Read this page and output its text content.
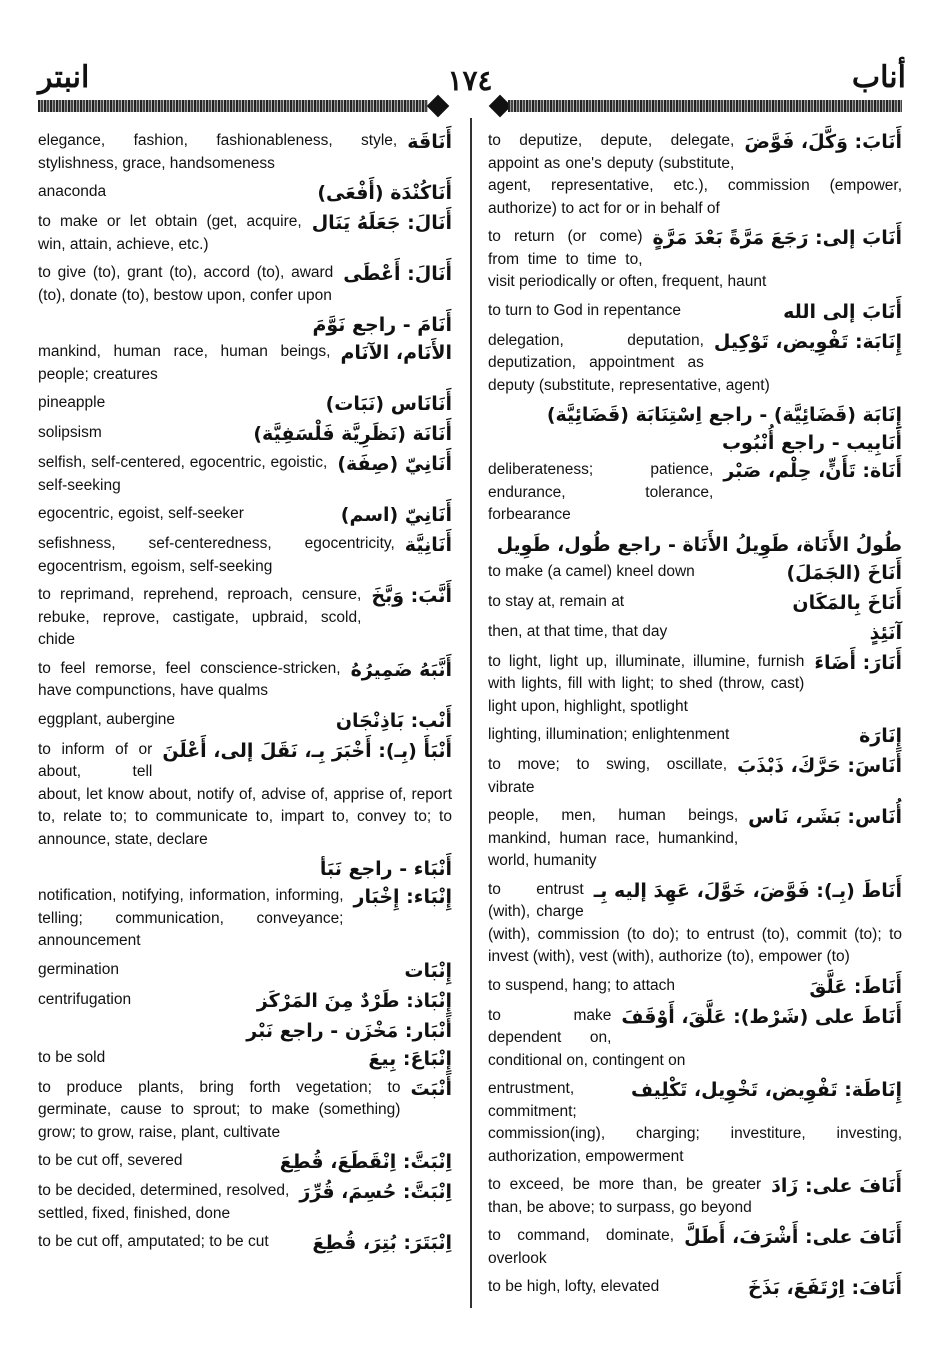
انبتر	١٧٤	أناب
أَنَاقَة
elegance, fashion, fashionableness, style, stylishness, grace, handsomeness
أَنَاكُنْدَة (أَفْعَى)
anaconda
أَنَالَ: جَعَلَهُ يَنَال
to make or let obtain (get, acquire, win, attain, achieve, etc.)
أَنَالَ: أَعْطَى
to give (to), grant (to), accord (to), award (to), donate (to), bestow upon, confer upon
أَنَامَ - راجع نَوَّمَ
الأَنَام، الآنَام
mankind, human race, human beings, people; creatures
أَنَانَاس (نَبَات)
pineapple
أَنَانَة (نَظَرِيَّة فَلْسَفِيَّة)
solipsism
أَنَانِيّ (صِفَة)
selfish, self-centered, egocentric, egoistic, self-seeking
أَنَانِيّ (اسم)
egocentric, egoist, self-seeker
أَنَانِيَّة
sefishness, sef-centeredness, egocentricity, egocentrism, egoism, self-seeking
أَنَّبَ: وَبَّخَ
to reprimand, reprehend, reproach, censure, rebuke, reprove, castigate, upbraid, scold, chide
أَنَّبَهُ ضَمِيرُهُ
to feel remorse, feel conscience-stricken, have compunctions, have qualms
أَنْب: بَاذِنْجَان
eggplant, aubergine
أَنْبَأَ (بِـ): أَخْبَرَ بِـ، نَقَلَ إلى، أَعْلَنَ
to inform of or about, tell about, let know about, notify of, advise of, apprise of, report to, relate to; to communicate to, impart to, convey to; to announce, state, declare
أَنْبَاء - راجع نَبَأ
إِنْبَاء: إِخْبَار
notification, notifying, information, informing, telling; communication, conveyance; announcement
إِنْبَات
germination
إِنْبَاذ: طَرْدٌ مِنَ المَرْكَز
centrifugation
أَنْبَار: مَخْزَن - راجع نَبْر
إِنْبَاعَ: بِيعَ
to be sold
أَنْبَتَ
to produce plants, bring forth vegetation; to germinate, cause to sprout; to make (something) grow; to grow, raise, plant, cultivate
اِنْبَتَّ: اِنْقَطَعَ، قُطِعَ
to be cut off, severed
اِنْبَتَّ: حُسِمَ، قُرِّرَ
to be decided, determined, resolved, settled, fixed, finished, done
اِنْبَتَرَ: بُتِرَ، قُطِعَ
to be cut off, amputated; to be cut
أَنَابَ: وَكَّلَ، فَوَّضَ
to deputize, depute, delegate, appoint as one's deputy (substitute, agent, representative, etc.), commission (empower, authorize) to act for or in behalf of
أَنَابَ إلى: رَجَعَ مَرَّةً بَعْدَ مَرَّةٍ
to return (or come) from time to time to, visit periodically or often, frequent, haunt
أَنَابَ إلى الله
to turn to God in repentance
إِنَابَة: تَفْوِيض، تَوْكِيل
delegation, deputation, deputization, appointment as deputy (substitute, representative, agent)
إِنَابَة (قَضَائِيَّة) - راجع اِسْتِنَابَة (قَضَائِيَّة)
أَنَابِيب - راجع أُنْبُوب
أَنَاة: تَأَنٍّ، حِلْم، صَبْر
deliberateness; patience, endurance, tolerance, forbearance
طُولُ الأَنَاة، طَوِيلُ الأَنَاة - راجع طُول، طَوِيل
أَنَاخَ (الجَمَلَ)
to make (a camel) kneel down
أَنَاخَ بِالمَكَان
to stay at, remain at
آنَئِذٍ
then, at that time, that day
أَنَارَ: أَضَاءَ
to light, light up, illuminate, illumine, furnish with lights, fill with light; to shed (throw, cast) light upon, highlight, spotlight
إِنَارَة
lighting, illumination; enlightenment
أَنَاسَ: حَرَّكَ، ذَبْذَبَ
to move; to swing, oscillate, vibrate
أُنَاس: بَشَر، نَاس
people, men, human beings, mankind, human race, humankind, world, humanity
أَنَاطَ (بِـ): فَوَّضَ، خَوَّلَ، عَهِدَ إليه بِـ
to entrust (with), charge (with), commission (to do); to entrust (to), commit (to); to invest (with), vest (with), authorize (to), empower (to)
أَنَاطَ: عَلَّقَ
to suspend, hang; to attach
أَنَاطَ على (شَرْط): عَلَّقَ، أَوْقَفَ
to make dependent on, conditional on, contingent on
إِنَاطَة: تَفْوِيض، تَخْوِيل، تَكْلِيف
entrustment, commitment; commission(ing), charging; investiture, investing, authorization, empowerment
أَنَافَ على: زَادَ
to exceed, be more than, be greater than, be above; to surpass, go beyond
أَنَافَ على: أَشْرَفَ، أَطَلَّ
to command, dominate, overlook
أَنَافَ: اِرْتَفَعَ، بَذَخَ
to be high, lofty, elevated
